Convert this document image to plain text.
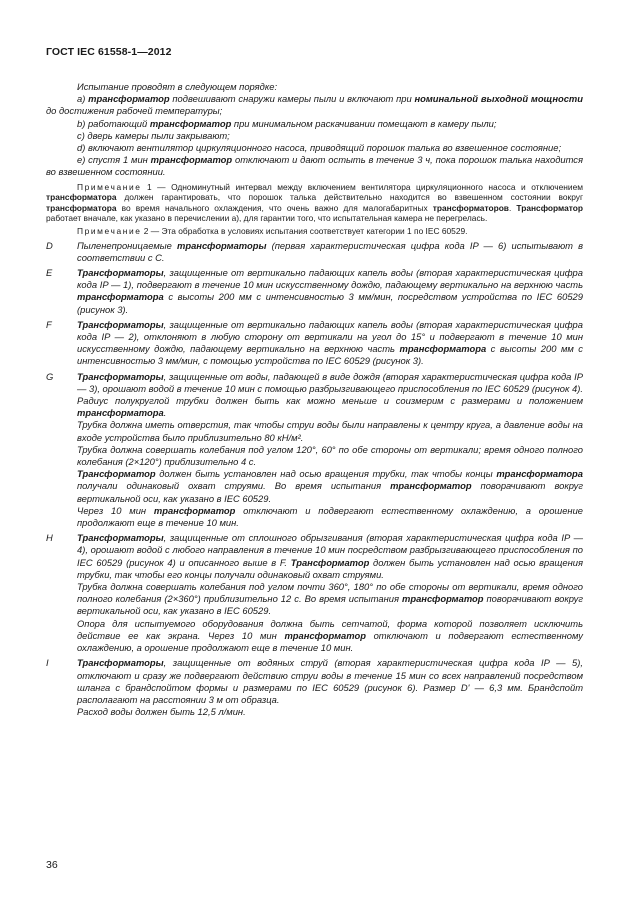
ГОСТ IEC 61558-1—2012

Испытание проводят в следующем порядке:

а) трансформатор подвешивают снаружи камеры пыли и включают при номинальной выходной мощности до достижения рабочей температуры;

b) работающий трансформатор при минимальном раскачивании помещают в камеру пыли;

с) дверь камеры пыли закрывают;

d) включают вентилятор циркуляционного насоса, приводящий порошок талька во взвешенное состояние;

е) спустя 1 мин трансформатор отключают и дают остыть в течение 3 ч, пока порошок талька находится во взвешенном состоянии.

Примечание 1 — Одноминутный интервал между включением вентилятора циркуляционного насоса и отключением трансформатора должен гарантировать, что порошок талька действительно находится во взвешенном состоянии вокруг трансформатора во время начального охлаждения, что очень важно для малогабаритных трансформаторов. Трансформатор работает вначале, как указано в перечислении а), для гарантии того, что испытательная камера не перегрелась.

Примечание 2 — Эта обработка в условиях испытания соответствует категории 1 по IEC 60529.

D	Пыленепроницаемые трансформаторы (первая характеристическая цифра кода IP — 6) испытывают в соответствии с С.

E	Трансформаторы, защищенные от вертикально падающих капель воды (вторая характеристическая цифра кода IP — 1), подвергают в течение 10 мин искусственному дождю, падающему вертикально на верхнюю часть трансформатора с высоты 200 мм с интенсивностью 3 мм/мин, посредством устройства по IEC 60529 (рисунок 3).

F	Трансформаторы, защищенные от вертикально падающих капель воды (вторая характеристическая цифра кода IP — 2), отклоняют в любую сторону от вертикали на угол до 15° и подвергают в течение 10 мин искусственному дождю, падающему вертикально на верхнюю часть трансформатора с высоты 200 мм с интенсивностью 3 мм/мин, с помощью устройства по IEC 60529 (рисунок 3).

G	Трансформаторы, защищенные от воды, падающей в виде дождя (вторая характеристическая цифра кода IP — 3), орошают водой в течение 10 мин с помощью разбрызгивающего приспособления по IEC 60529 (рисунок 4). Радиус полукруглой трубки должен быть как можно меньше и соизмерим с размерами и положением трансформатора.

Трубка должна иметь отверстия, так чтобы струи воды были направлены к центру круга, а давление воды на входе устройства было приблизительно 80 кН/м².

Трубка должна совершать колебания под углом 120°, 60° по обе стороны от вертикали; время одного полного колебания (2×120°) приблизительно 4 с.

Трансформатор должен быть установлен над осью вращения трубки, так чтобы концы трансформатора получали одинаковый охват струями. Во время испытания трансформатор поворачивают вокруг вертикальной оси, как указано в IEC 60529.

Через 10 мин трансформатор отключают и подвергают естественному охлаждению, а орошение продолжают еще в течение 10 мин.

H	Трансформаторы, защищенные от сплошного обрызгивания (вторая характеристическая цифра кода IP — 4), орошают водой с любого направления в течение 10 мин посредством разбрызгивающего приспособления по IEC 60529 (рисунок 4) и описанного выше в F. Трансформатор должен быть установлен над осью вращения трубки, так чтобы его концы получали одинаковый охват струями.

Трубка должна совершать колебания под углом почти 360°, 180° по обе стороны от вертикали, время одного полного колебания (2×360°) приблизительно 12 с. Во время испытания трансформатор поворачивают вокруг вертикальной оси, как указано в IEC 60529.

Опора для испытуемого оборудования должна быть сетчатой, форма которой позволяет исключить действие ее как экрана. Через 10 мин трансформатор отключают и подвергают естественному охлаждению, а орошение продолжают еще в течение 10 мин.

I	Трансформаторы, защищенные от водяных струй (вторая характеристическая цифра кода IP — 5), отключают и сразу же подвергают действию струи воды в течение 15 мин со всех направлений посредством шланга с брандспойтом формы и размерами по IEC 60529 (рисунок 6). Размер D' — 6,3 мм. Брандспойт располагают на расстоянии 3 м от образца.

Расход воды должен быть 12,5 л/мин.

36
